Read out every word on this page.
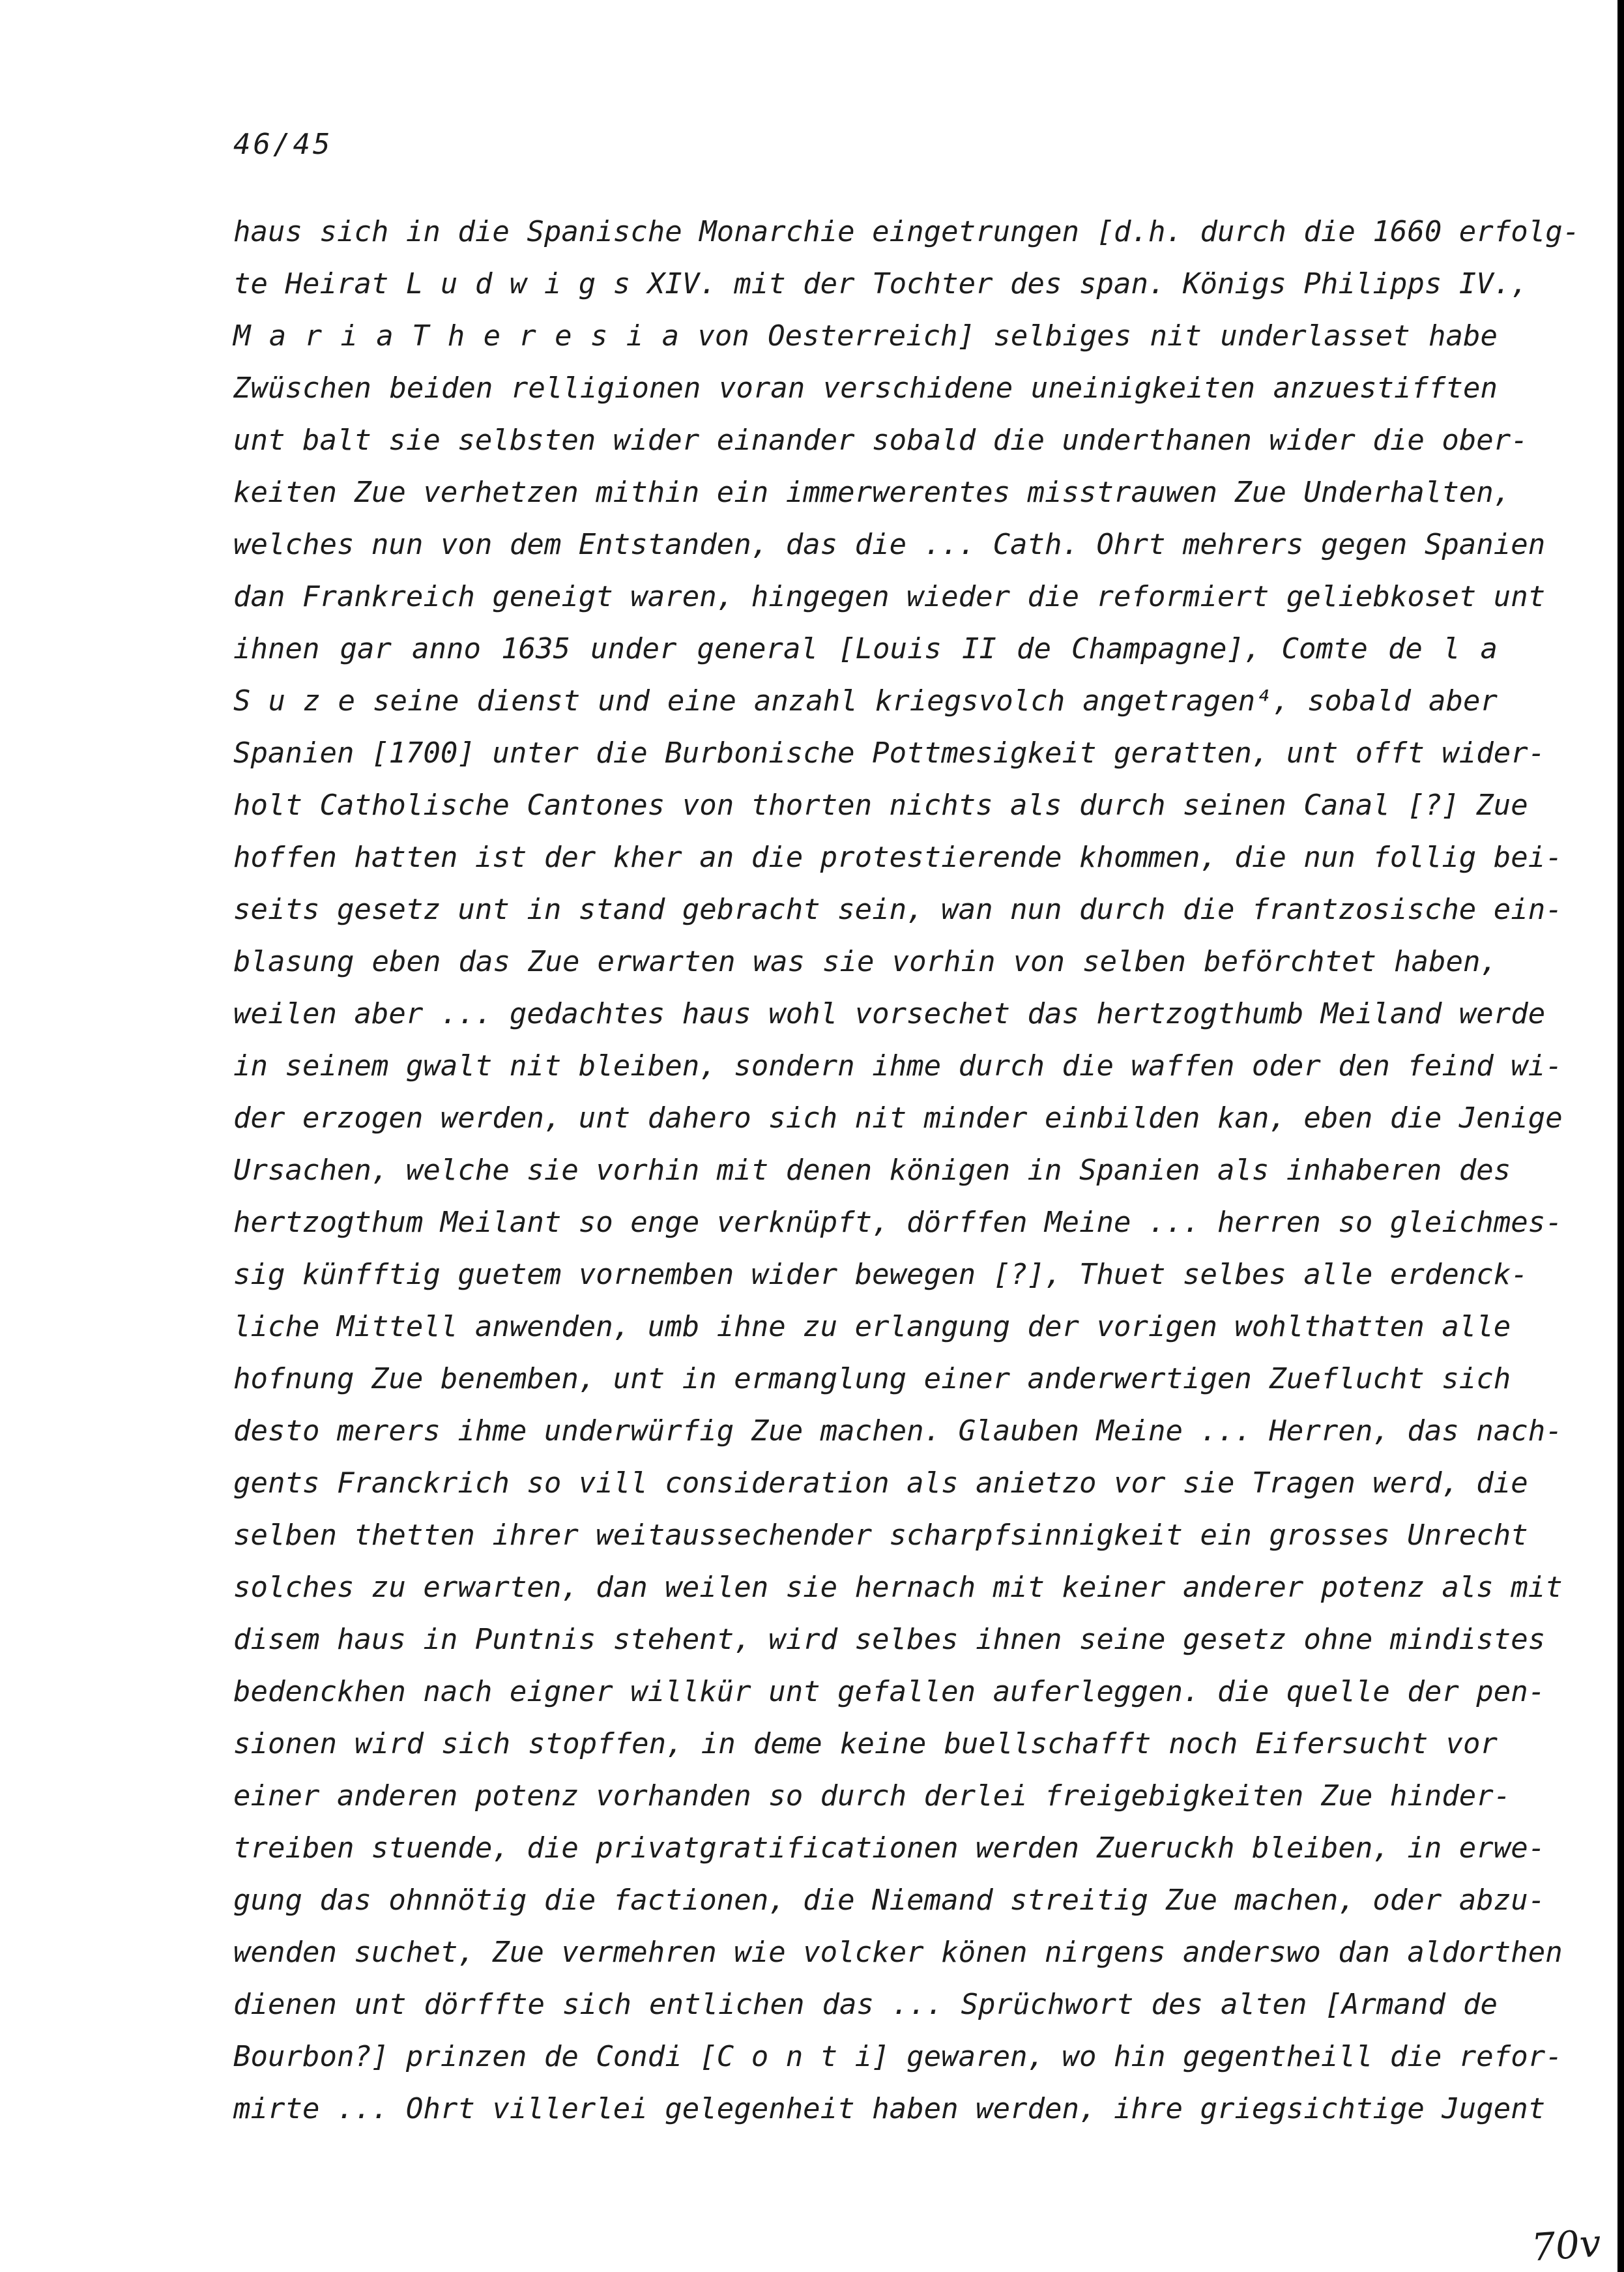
46/45
haus sich in die Spanische Monarchie eingetrungen [d.h. durch die 1660 erfolg-
te Heirat L u d w i g s XIV. mit der Tochter des span. Königs Philipps IV.,
M a r i a T h e r e s i a von Oesterreich] selbiges nit underlasset habe
Zwüschen beiden relligionen voran verschidene uneinigkeiten anzuestifften
unt balt sie selbsten wider einander sobald die underthanen wider die ober-
keiten Zue verhetzen mithin ein immerwerentes misstrauwen Zue Underhalten,
welches nun von dem Entstanden, das die ... Cath. Ohrt mehrers gegen Spanien
dan Frankreich geneigt waren, hingegen wieder die reformiert geliebkoset unt
ihnen gar anno 1635 under general [Louis II de Champagne], Comte de l a
S u z e seine dienst und eine anzahl kriegsvolch angetragen⁴, sobald aber
Spanien [1700] unter die Burbonische Pottmesigkeit geratten, unt offt wider-
holt Catholische Cantones von thorten nichts als durch seinen Canal [?] Zue
hoffen hatten ist der kher an die protestierende khommen, die nun follig bei-
seits gesetz unt in stand gebracht sein, wan nun durch die frantzosische ein-
blasung eben das Zue erwarten was sie vorhin von selben beförchtet haben,
weilen aber ... gedachtes haus wohl vorsechet das hertzogthumb Meiland werde
in seinem gwalt nit bleiben, sondern ihme durch die waffen oder den feind wi-
der erzogen werden, unt dahero sich nit minder einbilden kan, eben die Jenige
Ursachen, welche sie vorhin mit denen königen in Spanien als inhaberen des
hertzogthum Meilant so enge verknüpft, dörffen Meine ... herren so gleichmes-
sig künfftig guetem vornemben wider bewegen [?], Thuet selbes alle erdenck-
liche Mittell anwenden, umb ihne zu erlangung der vorigen wohlthatten alle
hofnung Zue benemben, unt in ermanglung einer anderwertigen Zueflucht sich
desto merers ihme underwürfig Zue machen. Glauben Meine ... Herren, das nach-
gents Franckrich so vill consideration als anietzo vor sie Tragen werd, die
selben thetten ihrer weitaussechender scharpfsinnigkeit ein grosses Unrecht
solches zu erwarten, dan weilen sie hernach mit keiner anderer potenz als mit
disem haus in Puntnis stehent, wird selbes ihnen seine gesetz ohne mindistes
bedenckhen nach eigner willkür unt gefallen auferleggen. die quelle der pen-
sionen wird sich stopffen, in deme keine buellschafft noch Eifersucht vor
einer anderen potenz vorhanden so durch derlei freigebigkeiten Zue hinder-
treiben stuende, die privatgratificationen werden Zueruckh bleiben, in erwe-
gung das ohnnötig die factionen, die Niemand streitig Zue machen, oder abzu-
wenden suchet, Zue vermehren wie volcker könen nirgens anderswo dan aldorthen
dienen unt dörffte sich entlichen das ... Sprüchwort des alten [Armand de
Bourbon?] prinzen de Condi [C o n t i] gewaren, wo hin gegentheill die refor-
mirte ... Ohrt villerlei gelegenheit haben werden, ihre griegsichtige Jugent
70v
